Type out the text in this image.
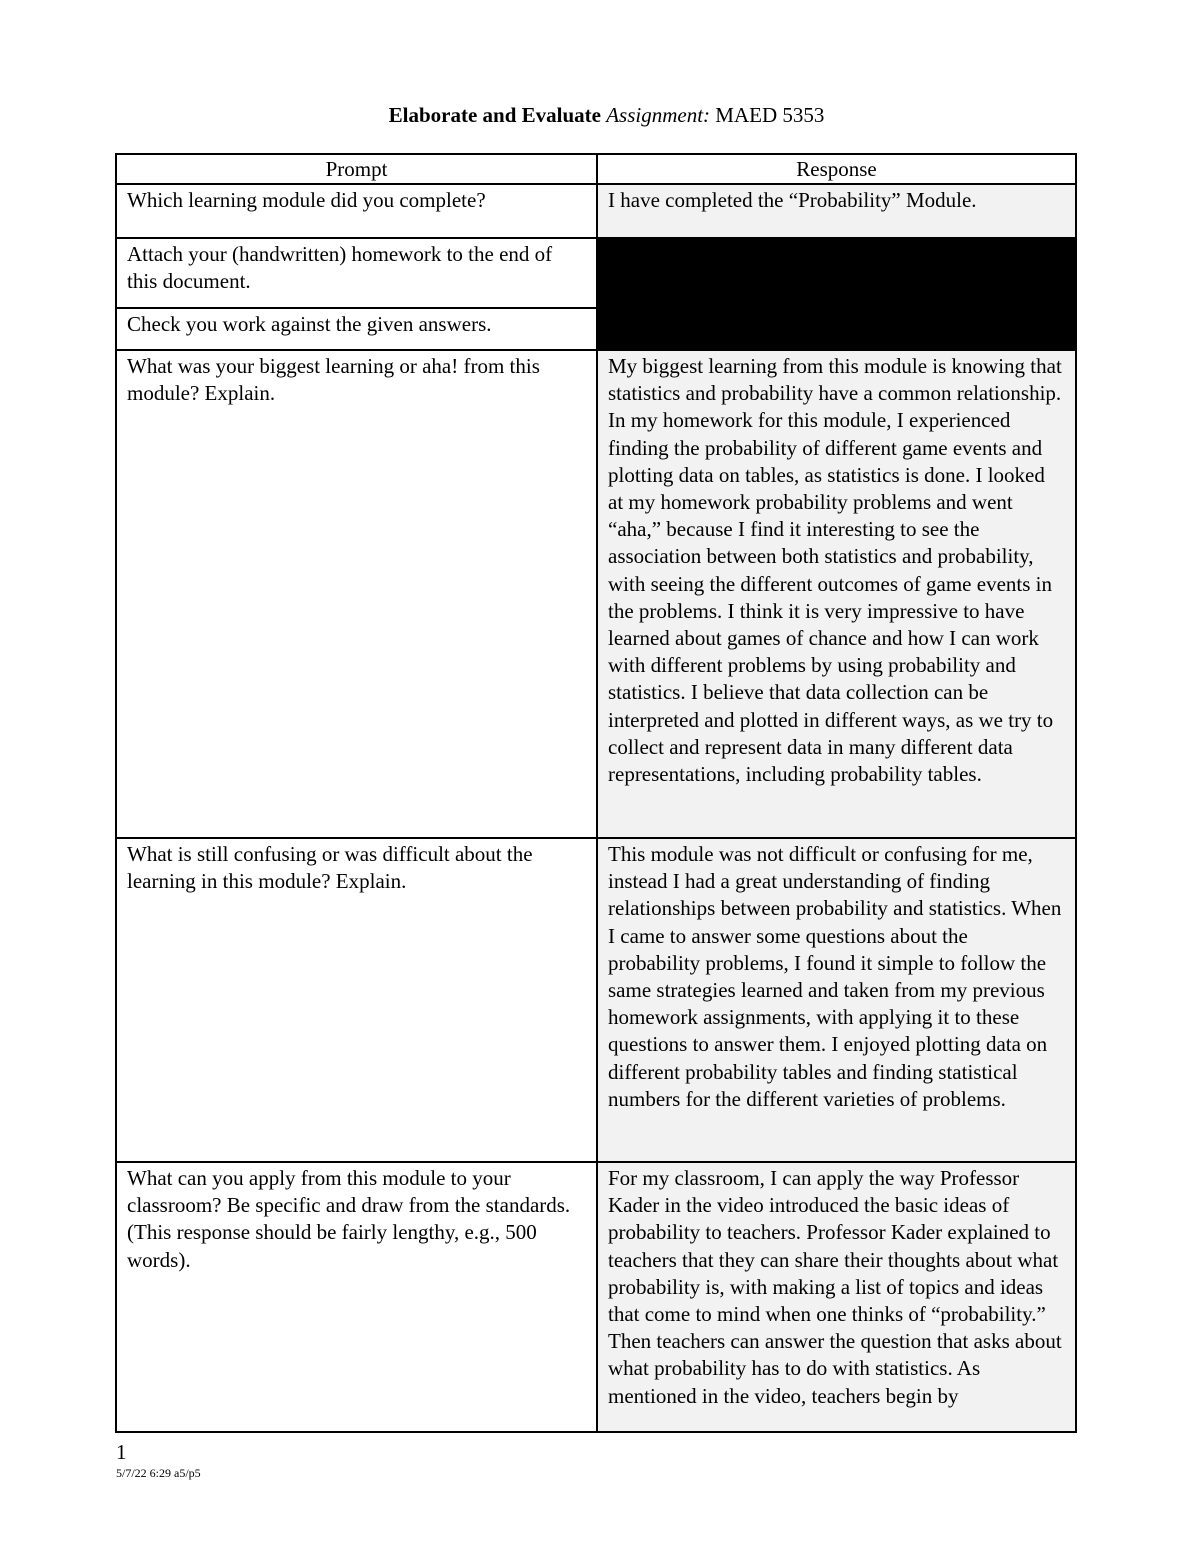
Elaborate and Evaluate Assignment: MAED 5353
Prompt	Response
Which learning module did you complete?	I have completed the “Probability” Module.
Attach your (handwritten) homework to the end of this document.	
Check you work against the given answers.	
What was your biggest learning or aha! from this module? Explain.	My biggest learning from this module is knowing that statistics and probability have a common relationship. In my homework for this module, I experienced finding the probability of different game events and plotting data on tables, as statistics is done. I looked at my homework probability problems and went “aha,” because I find it interesting to see the association between both statistics and probability, with seeing the different outcomes of game events in the problems. I think it is very impressive to have learned about games of chance and how I can work with different problems by using probability and statistics. I believe that data collection can be interpreted and plotted in different ways, as we try to collect and represent data in many different data representations, including probability tables.

What is still confusing or was difficult about the learning in this module? Explain.	This module was not difficult or confusing for me, instead I had a great understanding of finding relationships between probability and statistics. When I came to answer some questions about the probability problems, I found it simple to follow the same strategies learned and taken from my previous homework assignments, with applying it to these questions to answer them. I enjoyed plotting data on different probability tables and finding statistical numbers for the different varieties of problems.

What can you apply from this module to your classroom? Be specific and draw from the standards. (This response should be fairly lengthy, e.g., 500 words).	For my classroom, I can apply the way Professor Kader in the video introduced the basic ideas of probability to teachers. Professor Kader explained to teachers that they can share their thoughts about what probability is, with making a list of topics and ideas that come to mind when one thinks of “probability.” Then teachers can answer the question that asks about what probability has to do with statistics. As mentioned in the video, teachers begin by
1
5/7/22 6:29 a5/p5
